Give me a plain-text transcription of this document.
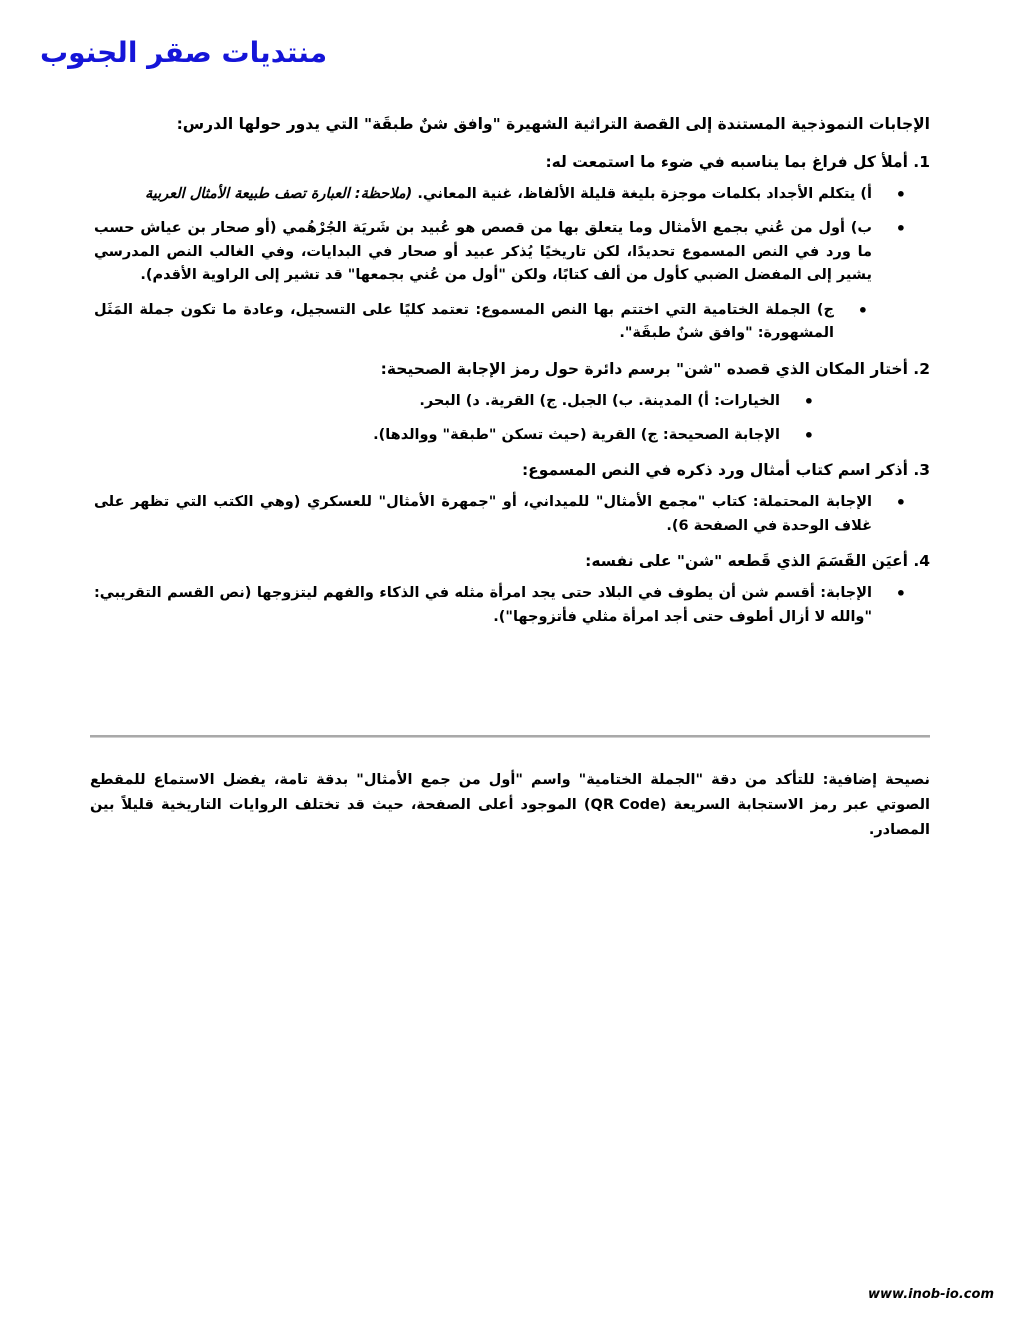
منتديات صقر الجنوب

الإجابات النموذجية المستندة إلى القصة التراثية الشهيرة "وافق شنٌ طبقَة" التي يدور حولها الدرس:

1. أملأ كل فراغ بما يناسبه في ضوء ما استمعت له:
• أ) يتكلم الأجداد بكلمات موجزة بليغة قليلة الألفاظ، غنية المعاني. (ملاحظة: العبارة تصف طبيعة الأمثال العربية
• ب) أول من عُني بجمع الأمثال وما يتعلق بها من قصص هو عُبيد بن شَريَة الجُرْهُمي (أو صحار بن عياش حسب ما ورد في النص المسموع تحديدًا، لكن تاريخيًا يُذكر عبيد أو صحار في البدايات، وفي الغالب النص المدرسي يشير إلى المفضل الضبي كأول من ألف كتابًا، ولكن "أول من عُني بجمعها" قد تشير إلى الراوية الأقدم).
• ج) الجملة الختامية التي اختتم بها النص المسموع: تعتمد كليًا على التسجيل، وعادة ما تكون جملة المَثَل المشهورة: "وافق شنٌ طبقَة".
2. أختار المكان الذي قصده "شن" برسم دائرة حول رمز الإجابة الصحيحة:
• الخيارات: أ) المدينة. ب) الجبل. ج) القرية. د) البحر.
• الإجابة الصحيحة: ج) القرية (حيث تسكن "طبقة" ووالدها).
3. أذكر اسم كتاب أمثال ورد ذكره في النص المسموع:
• الإجابة المحتملة: كتاب "مجمع الأمثال" للميداني، أو "جمهرة الأمثال" للعسكري (وهي الكتب التي تظهر على غلاف الوحدة في الصفحة 6).
4. أعيَن القَسَمَ الذي قَطعه "شن" على نفسه:
• الإجابة: أقسم شن أن يطوف في البلاد حتى يجد امرأة مثله في الذكاء والفهم ليتزوجها (نص القسم التقريبي: "والله لا أزال أطوف حتى أجد امرأة مثلي فأتزوجها").
نصيحة إضافية: للتأكد من دقة "الجملة الختامية" واسم "أول من جمع الأمثال" بدقة تامة، يفضل الاستماع للمقطع الصوتي عبر رمز الاستجابة السريعة (QR Code) الموجود أعلى الصفحة، حيث قد تختلف الروايات التاريخية قليلاً بين المصادر.
www.inob-io.com
